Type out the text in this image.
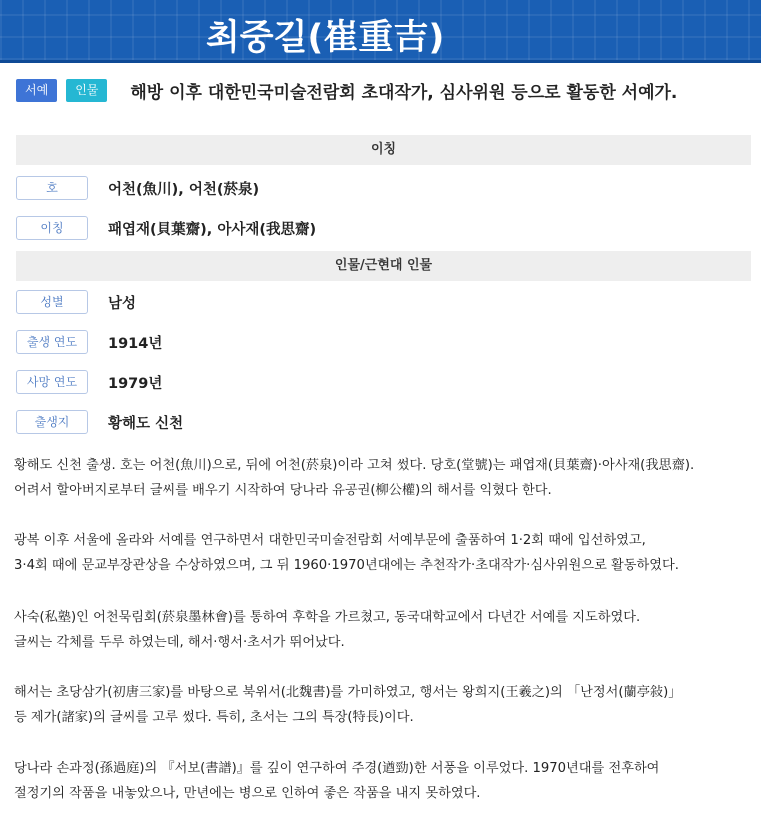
최중길(崔重吉)
서예	인물	해방 이후 대한민국미술전람회 초대작가, 심사위원 등으로 활동한 서예가.
이칭
호	어천(魚川), 어천(菸泉)
이칭	패엽재(貝葉齋), 아사재(我思齋)
인물/근현대 인물
성별	남성
출생 연도	1914년
사망 연도	1979년
출생지	황해도 신천
황해도 신천 출생. 호는 어천(魚川)으로, 뒤에 어천(菸泉)이라 고쳐 썼다. 당호(堂號)는 패엽재(貝葉齋)·아사재(我思齋).
어려서 할아버지로부터 글씨를 배우기 시작하여 당나라 유공권(柳公權)의 해서를 익혔다 한다.
광복 이후 서울에 올라와 서예를 연구하면서 대한민국미술전람회 서예부문에 출품하여 1·2회 때에 입선하였고,
3·4회 때에 문교부장관상을 수상하였으며, 그 뒤 1960·1970년대에는 추천작가·초대작가·심사위원으로 활동하였다.
사숙(私塾)인 어천묵림회(菸泉墨林會)를 통하여 후학을 가르쳤고, 동국대학교에서 다년간 서예를 지도하였다.
글씨는 각체를 두루 하였는데, 해서·행서·초서가 뛰어났다.
해서는 초당삼가(初唐三家)를 바탕으로 북위서(北魏書)를 가미하였고, 행서는 왕희지(王羲之)의 「난정서(蘭亭敍)」
등 제가(諸家)의 글씨를 고루 썼다. 특히, 초서는 그의 특장(特長)이다.
당나라 손과정(孫過庭)의 『서보(書譜)』를 깊이 연구하여 주경(遒勁)한 서풍을 이루었다. 1970년대를 전후하여
절정기의 작품을 내놓았으나, 만년에는 병으로 인하여 좋은 작품을 내지 못하였다.
